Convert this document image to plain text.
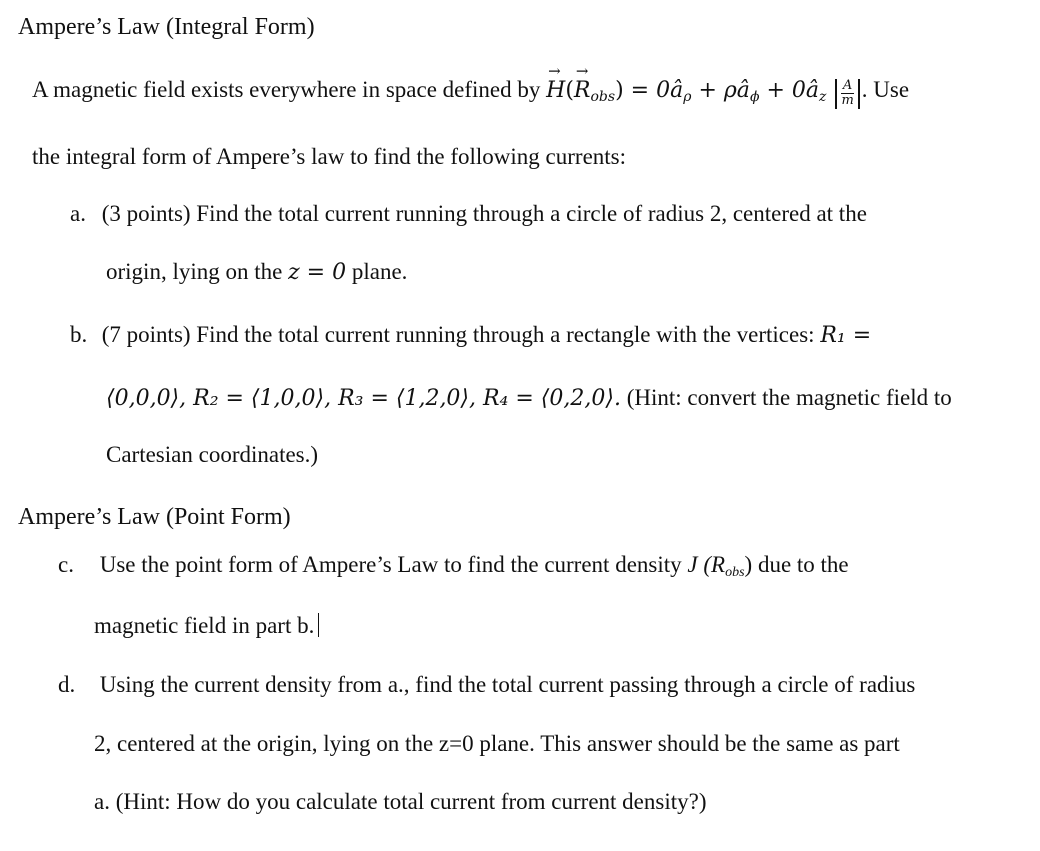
Ampere’s Law (Integral Form)
A magnetic field exists everywhere in space defined by → $H(\to R_{obs})$ = $0â_\rho$ + $\rho â_\phi$ + $0â_z \frac{A}{m}$ . Use
the integral form of Ampere’s law to find the following currents:
a. (3 points) Find the total current running through a circle of radius 2, centered at the
origin, lying on the z = 0 plane.
b. (7 points) Find the total current running through a rectangle with the vertices: R₁ =
⟨0,0,0⟩, R₂ = ⟨1,0,0⟩, R₃ = ⟨1,2,0⟩, R₄ = ⟨0,2,0⟩. (Hint: convert the magnetic field to
Cartesian coordinates.)
Ampere’s Law (Point Form)
c. Use the point form of Ampere’s Law to find the current density J $(R_{obs})$ due to the
magnetic field in part b.
d. Using the current density from a., find the total current passing through a circle of radius
2, centered at the origin, lying on the z=0 plane. This answer should be the same as part
a. (Hint: How do you calculate total current from current density?)
